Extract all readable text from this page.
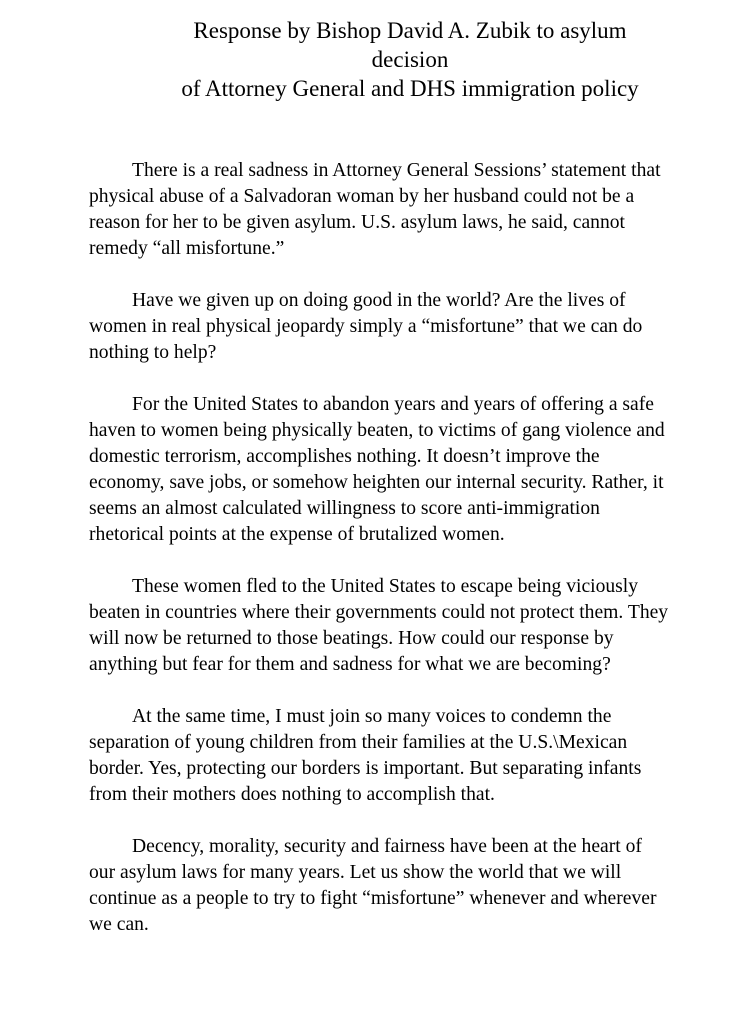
Response by Bishop David A. Zubik to asylum
decision
of Attorney General and DHS immigration policy

There is a real sadness in Attorney General Sessions’ statement that physical abuse of a Salvadoran woman by her husband could not be a reason for her to be given asylum. U.S. asylum laws, he said, cannot remedy “all misfortune.”

Have we given up on doing good in the world? Are the lives of women in real physical jeopardy simply a “misfortune” that we can do nothing to help?

For the United States to abandon years and years of offering a safe haven to women being physically beaten, to victims of gang violence and domestic terrorism, accomplishes nothing. It doesn’t improve the economy, save jobs, or somehow heighten our internal security. Rather, it seems an almost calculated willingness to score anti-immigration rhetorical points at the expense of brutalized women.

These women fled to the United States to escape being viciously beaten in countries where their governments could not protect them. They will now be returned to those beatings. How could our response by anything but fear for them and sadness for what we are becoming?

At the same time, I must join so many voices to condemn the separation of young children from their families at the U.S.\Mexican border. Yes, protecting our borders is important. But separating infants from their mothers does nothing to accomplish that.

Decency, morality, security and fairness have been at the heart of our asylum laws for many years. Let us show the world that we will continue as a people to try to fight “misfortune” whenever and wherever we can.
